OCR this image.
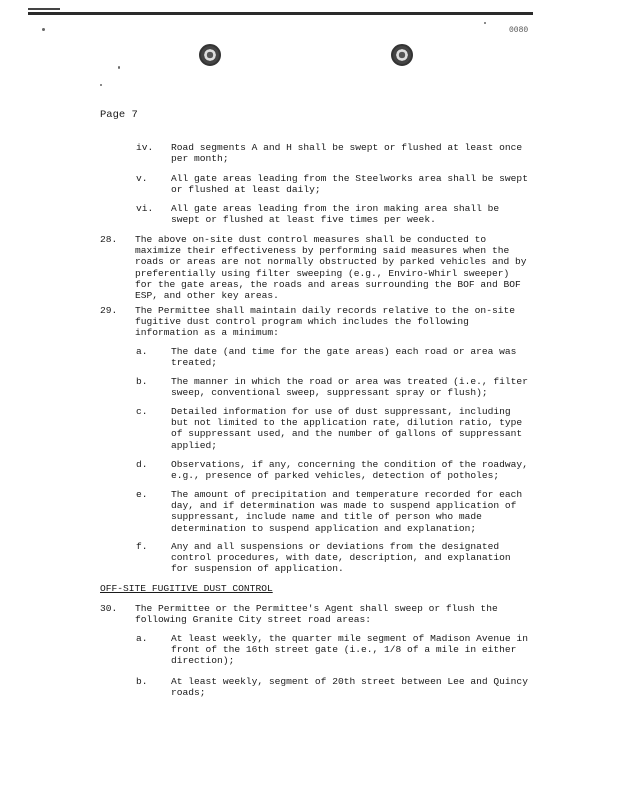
0080
Page 7
iv. Road segments A and H shall be swept or flushed at least once
per month;
v. All gate areas leading from the Steelworks area shall be swept
or flushed at least daily;
vi. All gate areas leading from the iron making area shall be
swept or flushed at least five times per week.
28. The above on-site dust control measures shall be conducted to
maximize their effectiveness by performing said measures when the
roads or areas are not normally obstructed by parked vehicles and by
preferentially using filter sweeping (e.g., Enviro-Whirl sweeper)
for the gate areas, the roads and areas surrounding the BOF and BOF
ESP, and other key areas.
29. The Permittee shall maintain daily records relative to the on-site
fugitive dust control program which includes the following
information as a minimum:
a. The date (and time for the gate areas) each road or area was
treated;
b. The manner in which the road or area was treated (i.e., filter
sweep, conventional sweep, suppressant spray or flush);
c. Detailed information for use of dust suppressant, including
but not limited to the application rate, dilution ratio, type
of suppressant used, and the number of gallons of suppressant
applied;
d. Observations, if any, concerning the condition of the roadway,
e.g., presence of parked vehicles, detection of potholes;
e. The amount of precipitation and temperature recorded for each
day, and if determination was made to suspend application of
suppressant, include name and title of person who made
determination to suspend application and explanation;
f. Any and all suspensions or deviations from the designated
control procedures, with date, description, and explanation
for suspension of application.
OFF-SITE FUGITIVE DUST CONTROL
30. The Permittee or the Permittee's Agent shall sweep or flush the
following Granite City street road areas:
a. At least weekly, the quarter mile segment of Madison Avenue in
front of the 16th street gate (i.e., 1/8 of a mile in either
direction);
b. At least weekly, segment of 20th street between Lee and Quincy
roads;
